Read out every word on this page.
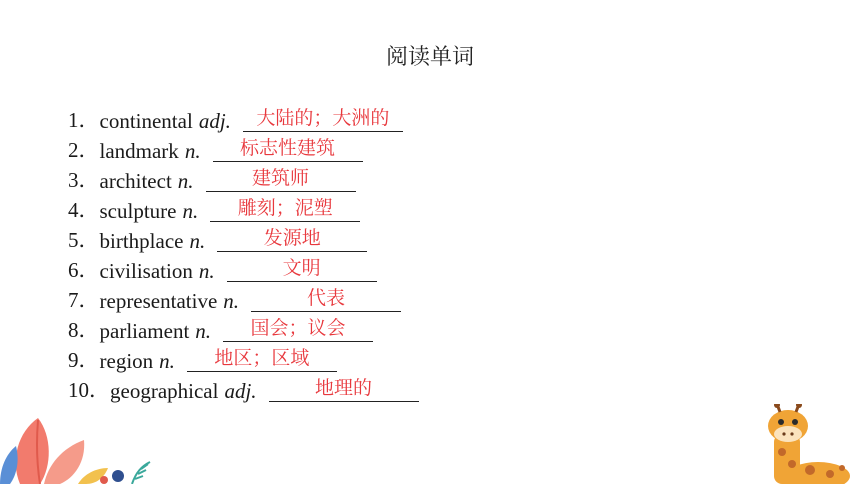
阅读单词
1． continental adj.	大陆的；大洲的
2． landmark n.	标志性建筑
3． architect n.	建筑师
4． sculpture n.	雕刻；泥塑
5． birthplace n.	发源地
6． civilisation n.	文明
7． representative n.	代表
8． parliament n.	国会；议会
9． region n.	地区；区域
10． geographical adj.	地理的
